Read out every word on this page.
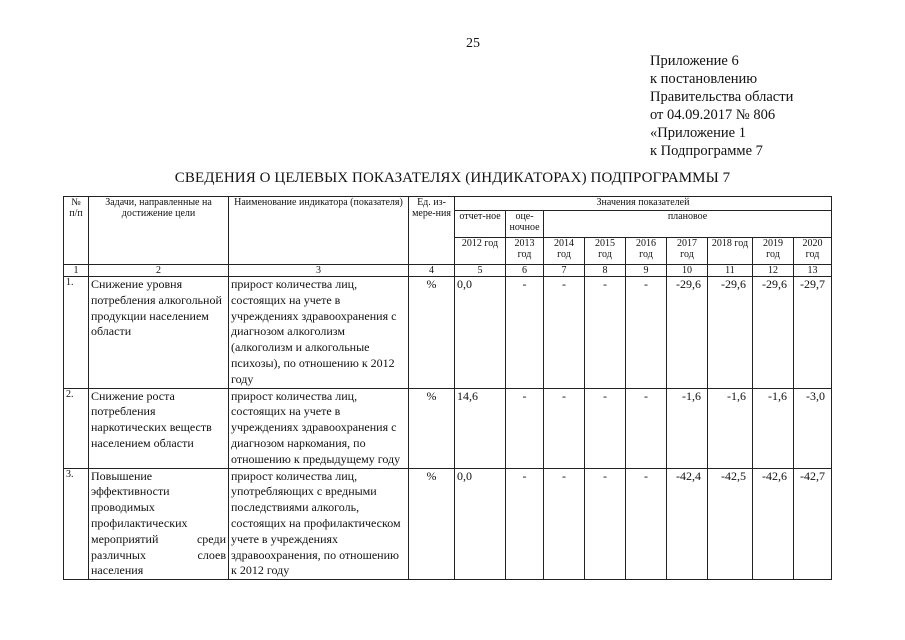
25
Приложение 6
к постановлению
Правительства области
от 04.09.2017 № 806
«Приложение 1
к Подпрограмме 7
СВЕДЕНИЯ О ЦЕЛЕВЫХ ПОКАЗАТЕЛЯХ (ИНДИКАТОРАХ) ПОДПРОГРАММЫ 7
№ п/п	Задачи, направленные на достижение цели	Наименование индикатора (показателя)	Ед. из-мере-ния	Значения показателей								
				отчет-ное	оце-ночное	плановое						
				2012 год	2013 год	2014 год	2015 год	2016 год	2017 год	2018 год	2019 год	2020 год
1	2	3	4	5	6	7	8	9	10	11	12	13
1.	Снижение уровня потребления алкогольной продукции населением области	прирост количества лиц, состоящих на учете в учреждениях здравоохранения с диагнозом алкоголизм (алкоголизм и алкогольные психозы), по отношению к 2012 году	%	0,0	-	-	-	-	-29,6	-29,6	-29,6	-29,7
2.	Снижение роста потребления наркотических веществ населением области	прирост количества лиц, состоящих на учете в учреждениях здравоохранения с диагнозом наркомания, по отношению к предыдущему году	%	14,6	-	-	-	-	-1,6	-1,6	-1,6	-3,0
3.	Повышение эффективности проводимых профилактических мероприятий среди различных слоев населения	прирост количества лиц, употребляющих с вредными последствиями алкоголь, состоящих на профилактическом учете в учреждениях здравоохранения, по отношению к 2012 году	%	0,0	-	-	-	-	-42,4	-42,5	-42,6	-42,7
